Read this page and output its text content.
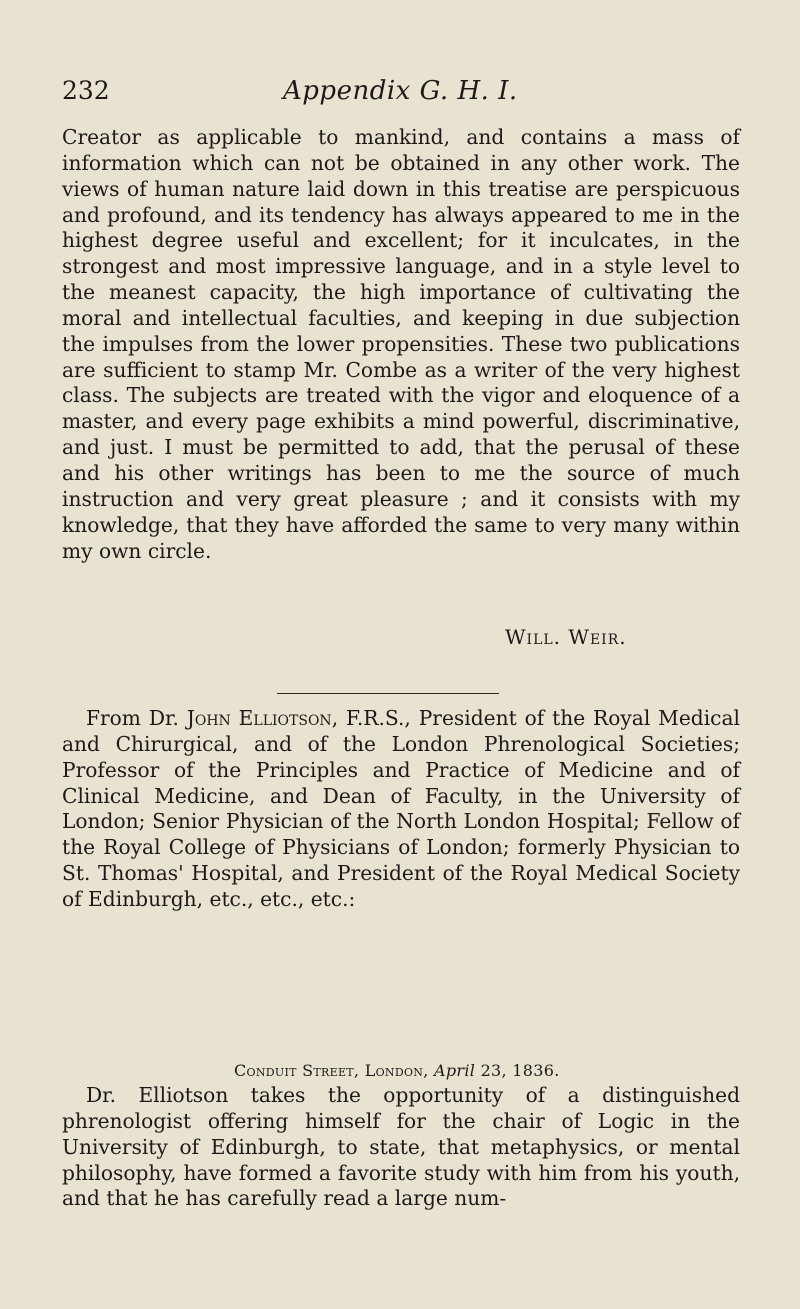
232	Appendix G. H. I.

Creator as applicable to mankind, and contains a mass of information which can not be obtained in any other work. The views of human nature laid down in this treatise are perspicuous and profound, and its tendency has always appeared to me in the highest degree useful and excellent; for it inculcates, in the strongest and most impressive language, and in a style level to the meanest capacity, the high importance of cultivating the moral and intellectual faculties, and keeping in due subjection the impulses from the lower propensities. These two publications are sufficient to stamp Mr. Combe as a writer of the very highest class. The subjects are treated with the vigor and eloquence of a master, and every page exhibits a mind powerful, discriminative, and just. I must be permitted to add, that the perusal of these and his other writings has been to me the source of much instruction and very great pleasure ; and it consists with my knowledge, that they have afforded the same to very many within my own circle.

Will. Weir.

From Dr. John Elliotson, F.R.S., President of the Royal Medical and Chirurgical, and of the London Phrenological Societies; Professor of the Principles and Practice of Medicine and of Clinical Medicine, and Dean of Faculty, in the University of London; Senior Physician of the North London Hospital; Fellow of the Royal College of Physicians of London; formerly Physician to St. Thomas' Hospital, and President of the Royal Medical Society of Edinburgh, etc., etc., etc.:

Conduit Street, London, April 23, 1836.

Dr. Elliotson takes the opportunity of a distinguished phrenologist offering himself for the chair of Logic in the University of Edinburgh, to state, that metaphysics, or mental philosophy, have formed a favorite study with him from his youth, and that he has carefully read a large num-
